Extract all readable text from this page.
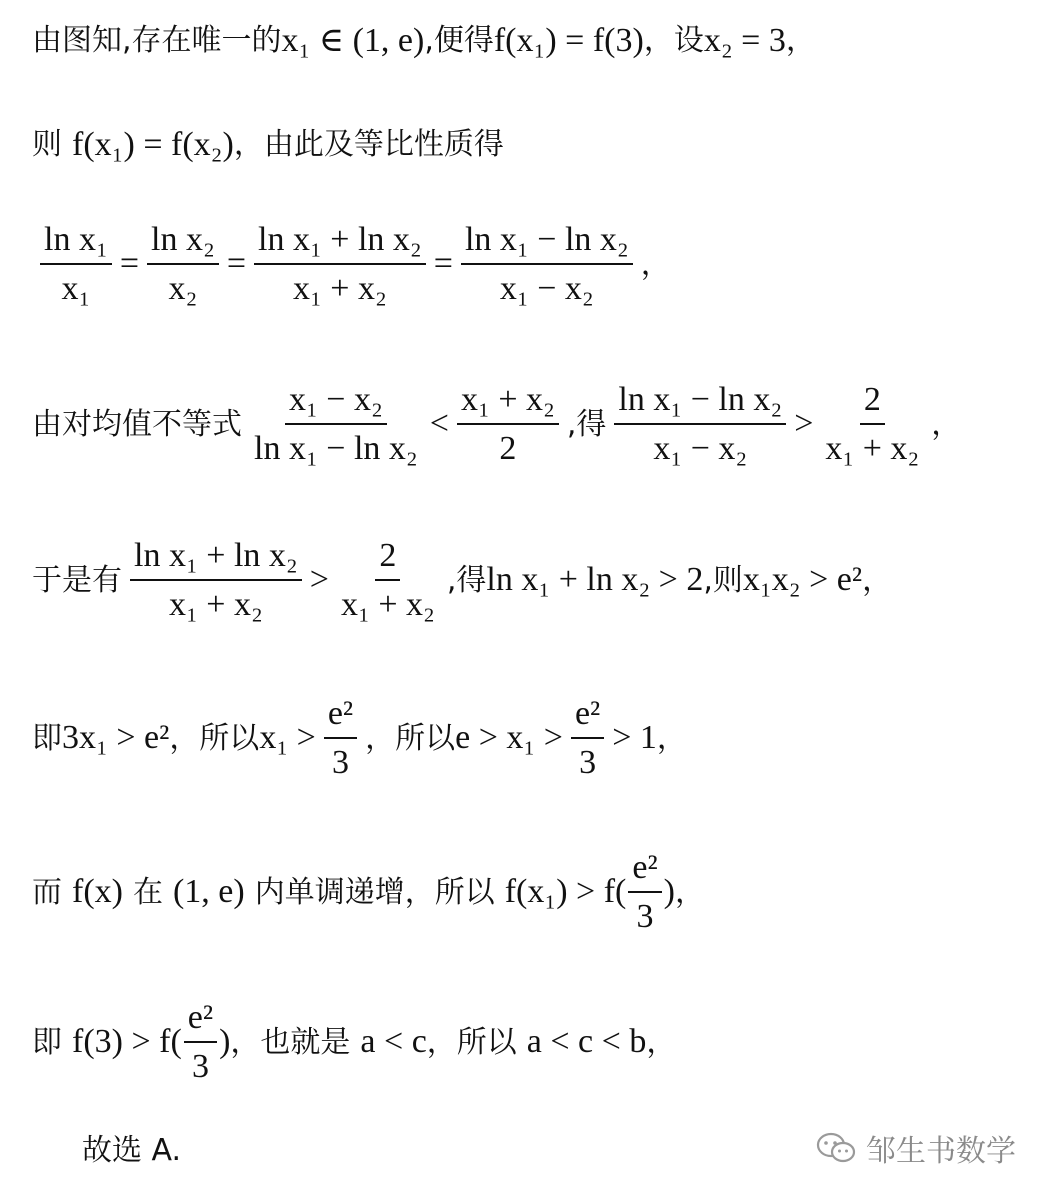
由图知,存在唯一的 x₁ ∈ (1, e) ,便得 f(x₁) = f(3) ，设 x₂ = 3 ，
则 f(x₁) = f(x₂) ，由此及等比性质得
$\frac{\text{ln x₁}}{\text{x₁}} = \frac{\text{ln x₂}}{\text{x₂}} = \frac{\text{ln x₁ + ln x₂}}{\text{x₁ + x₂}} = \frac{\text{ln x₁ − ln x₂}}{\text{x₁ − x₂}}$ ，
由对均值不等式 $\frac{\text{x₁ − x₂}}{\text{ln x₁ − ln x₂}} < \frac{\text{x₁ + x₂}}{2}$ ,得 $\frac{\text{ln x₁ − ln x₂}}{\text{x₁ − x₂}} > \frac{2}{\text{x₁ + x₂}}$ ，
于是有 $\frac{\text{ln x₁ + ln x₂}}{\text{x₁ + x₂}} > \frac{2}{\text{x₁ + x₂}}$ ,得 ln x₁ + ln x₂ > 2 ,则 x₁x₂ > e² ，
即 3x₁ > e² ，所以 $x_1 > \frac{\text{e²}}{3}$ ，所以 $e > x_1 > \frac{\text{e²}}{3} > 1$ ，
而 f(x) 在 (1, e) 内单调递增，所以 $f(x_1) > f( \frac{\text{e²}}{3}$ ) ，
即 $f(3) > f( \frac{\text{e²}}{3}$ ) ，也就是 a < c ，所以 a < c < b ，
故选 A.	邹生书数学
